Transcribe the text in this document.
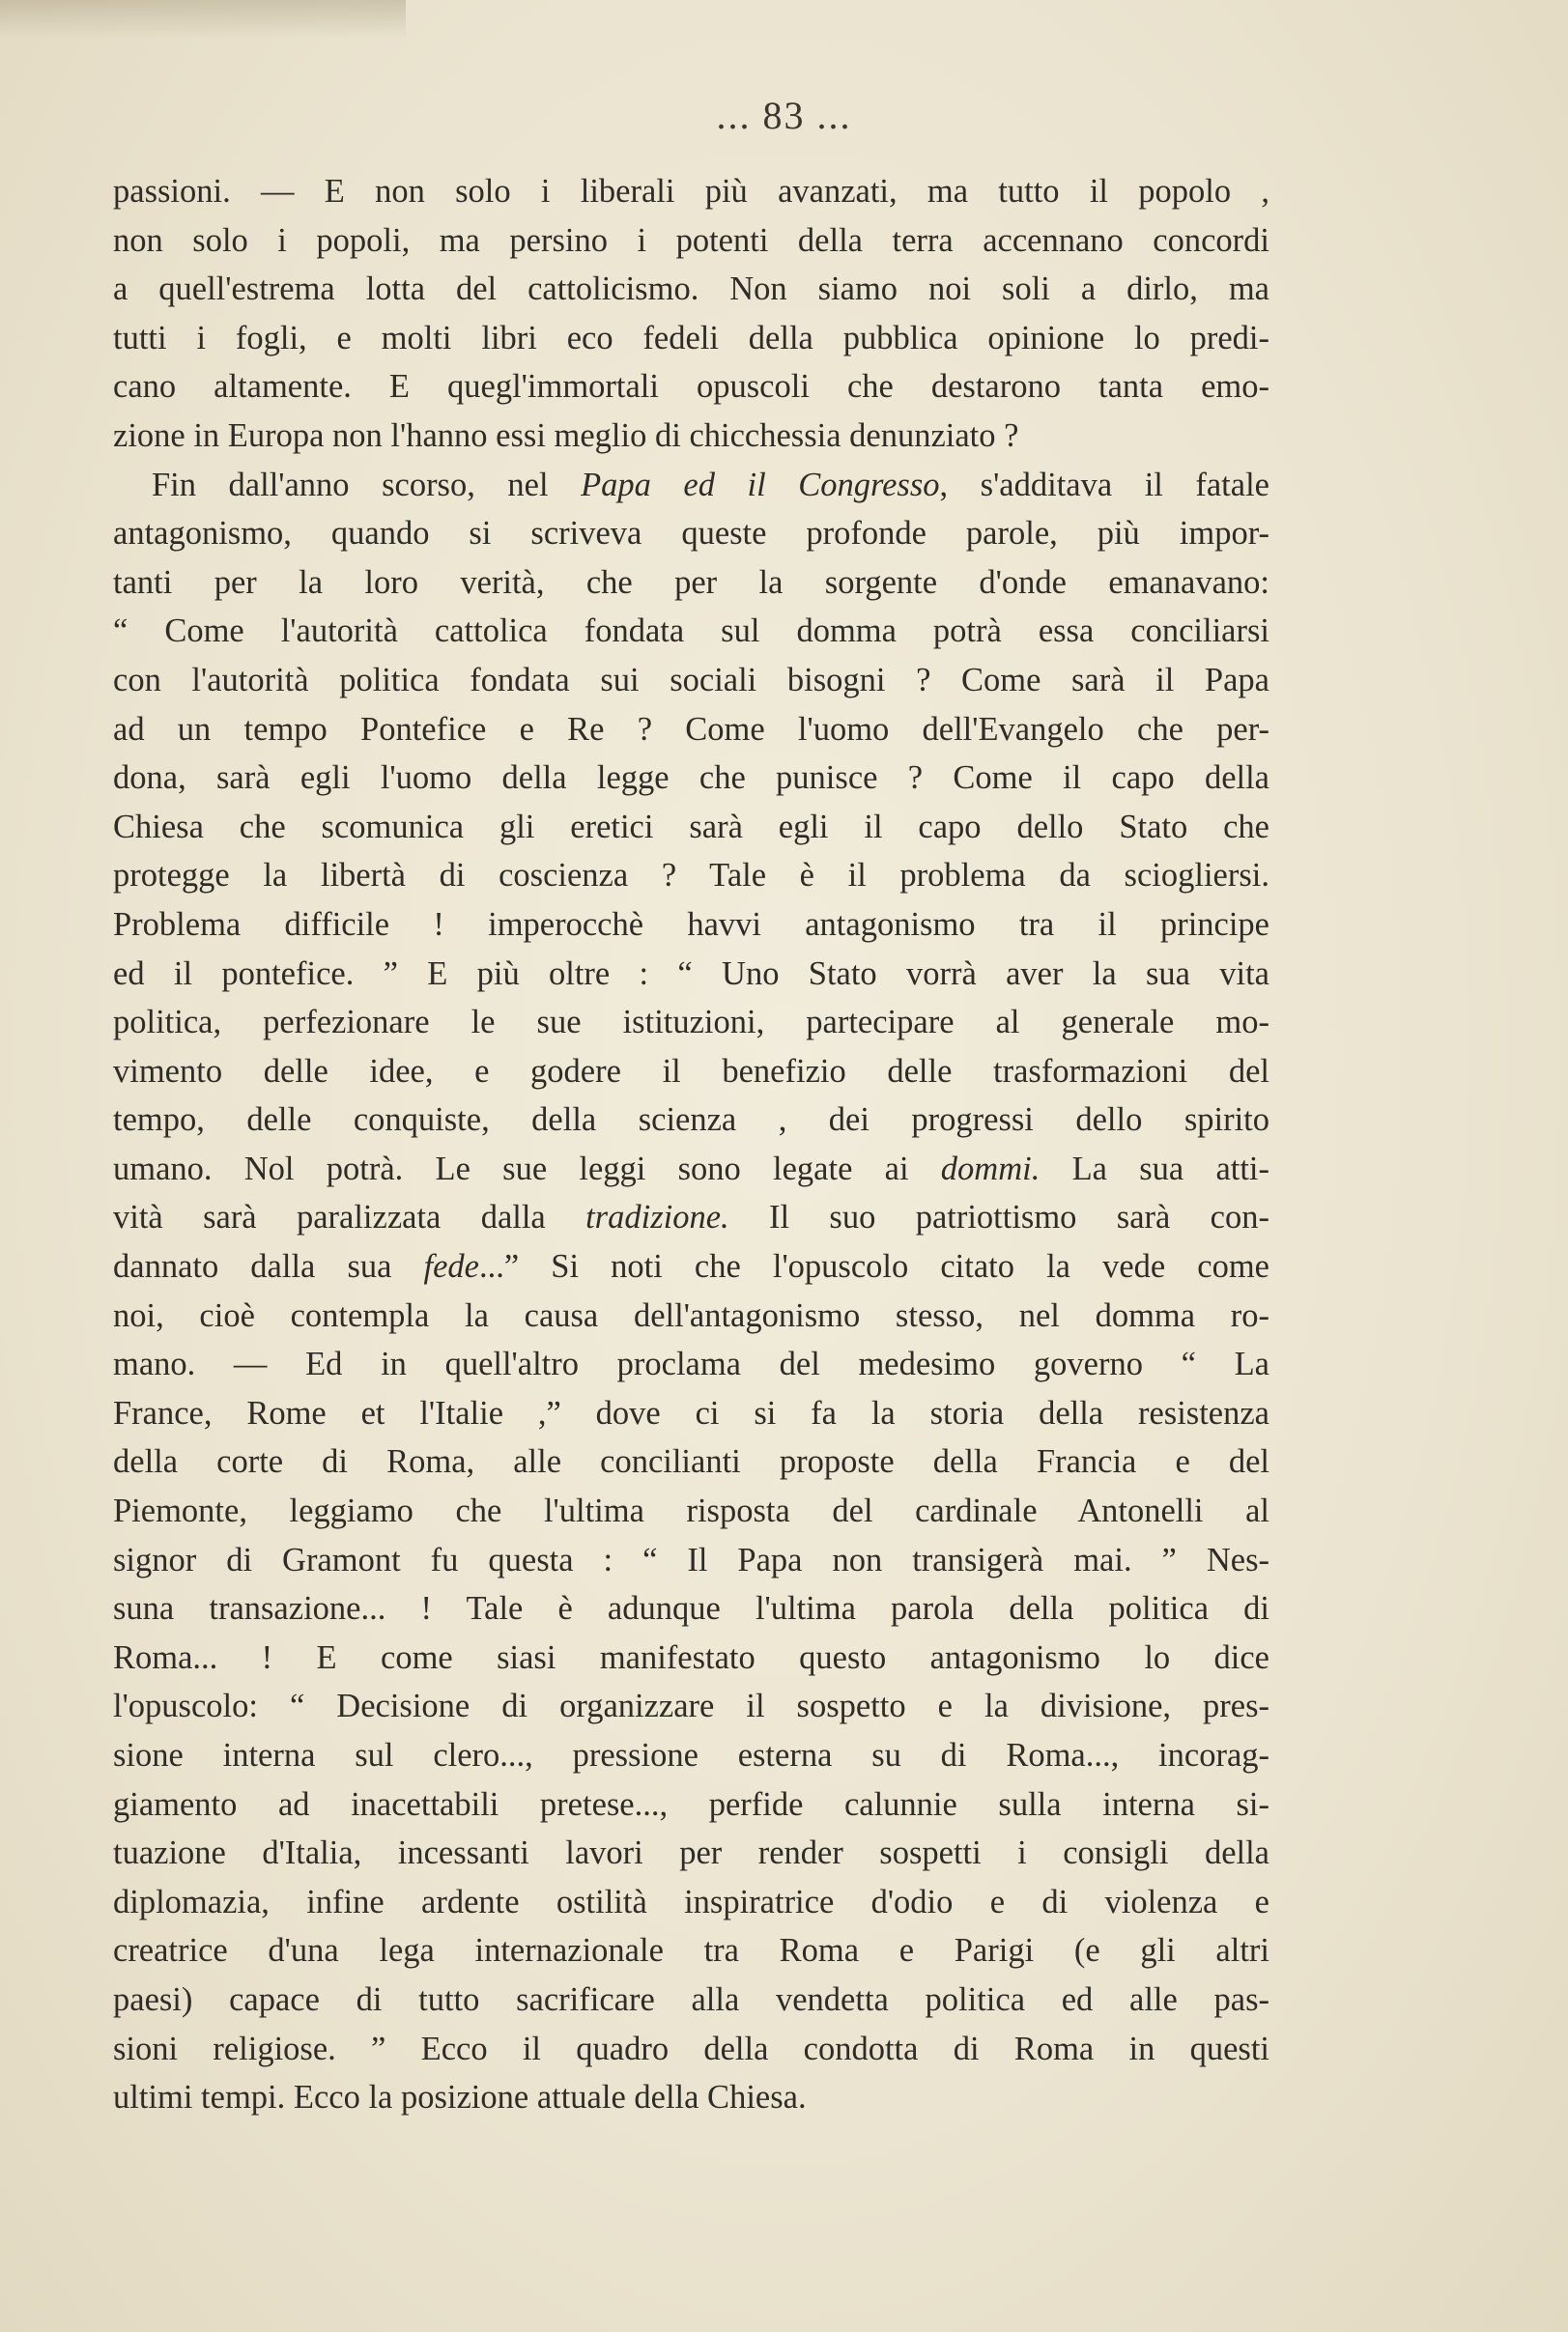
... 83 ...
passioni. — E non solo i liberali più avanzati, ma tutto il popolo ,
non solo i popoli, ma persino i potenti della terra accennano concordi
a quell'estrema lotta del cattolicismo. Non siamo noi soli a dirlo, ma
tutti i fogli, e molti libri eco fedeli della pubblica opinione lo predi-
cano altamente. E quegl'immortali opuscoli che destarono tanta emo-
zione in Europa non l'hanno essi meglio di chicchessia denunziato ?
Fin dall'anno scorso, nel Papa ed il Congresso, s'additava il fatale
antagonismo, quando si scriveva queste profonde parole, più impor-
tanti per la loro verità, che per la sorgente d'onde emanavano:
“ Come l'autorità cattolica fondata sul domma potrà essa conciliarsi
con l'autorità politica fondata sui sociali bisogni ? Come sarà il Papa
ad un tempo Pontefice e Re ? Come l'uomo dell'Evangelo che per-
dona, sarà egli l'uomo della legge che punisce ? Come il capo della
Chiesa che scomunica gli eretici sarà egli il capo dello Stato che
protegge la libertà di coscienza ? Tale è il problema da sciogliersi.
Problema difficile ! imperocchè havvi antagonismo tra il principe
ed il pontefice. ” E più oltre : “ Uno Stato vorrà aver la sua vita
politica, perfezionare le sue istituzioni, partecipare al generale mo-
vimento delle idee, e godere il benefizio delle trasformazioni del
tempo, delle conquiste, della scienza , dei progressi dello spirito
umano. Nol potrà. Le sue leggi sono legate ai dommi. La sua atti-
vità sarà paralizzata dalla tradizione. Il suo patriottismo sarà con-
dannato dalla sua fede...” Si noti che l'opuscolo citato la vede come
noi, cioè contempla la causa dell'antagonismo stesso, nel domma ro-
mano. — Ed in quell'altro proclama del medesimo governo “ La
France, Rome et l'Italie ,” dove ci si fa la storia della resistenza
della corte di Roma, alle concilianti proposte della Francia e del
Piemonte, leggiamo che l'ultima risposta del cardinale Antonelli al
signor di Gramont fu questa : “ Il Papa non transigerà mai. ” Nes-
suna transazione... ! Tale è adunque l'ultima parola della politica di
Roma... ! E come siasi manifestato questo antagonismo lo dice
l'opuscolo: “ Decisione di organizzare il sospetto e la divisione, pres-
sione interna sul clero..., pressione esterna su di Roma..., incorag-
giamento ad inacettabili pretese..., perfide calunnie sulla interna si-
tuazione d'Italia, incessanti lavori per render sospetti i consigli della
diplomazia, infine ardente ostilità inspiratrice d'odio e di violenza e
creatrice d'una lega internazionale tra Roma e Parigi (e gli altri
paesi) capace di tutto sacrificare alla vendetta politica ed alle pas-
sioni religiose. ” Ecco il quadro della condotta di Roma in questi
ultimi tempi. Ecco la posizione attuale della Chiesa.
